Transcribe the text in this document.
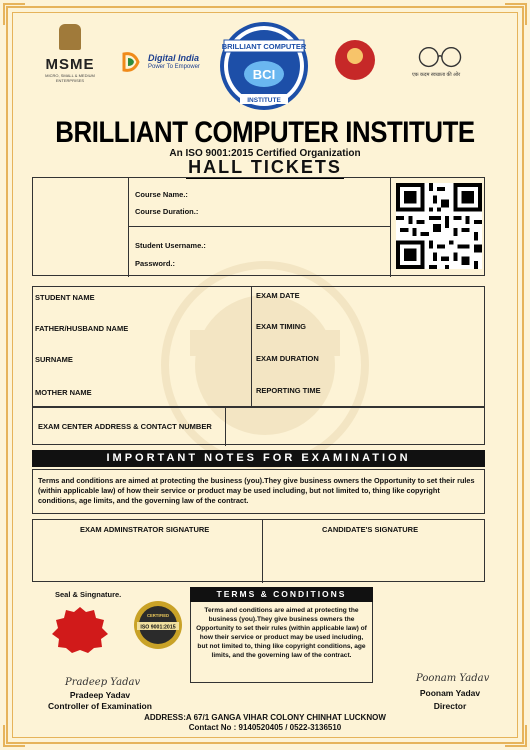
MSME
MICRO, SMALL & MEDIUM ENTERPRISES
Digital India
Power To Empower
BRILLIANT COMPUTER
BCI
INSTITUTE
एक कदम स्वच्छता की ओर
BRILLIANT COMPUTER INSTITUTE
An ISO 9001:2015 Certified Organization
HALL TICKETS
Course Name.:
Course Duration.:
Student Username.:
Password.:
STUDENT NAME
FATHER/HUSBAND NAME
SURNAME
MOTHER NAME
EXAM DATE
EXAM TIMING
EXAM DURATION
REPORTING TIME
EXAM CENTER ADDRESS & CONTACT NUMBER
IMPORTANT NOTES FOR EXAMINATION
Terms and conditions are aimed at protecting the business (you).They give business owners the Opportunity to set their rules (within applicable law) of how their service or product may be used including, but not limited to, thing like copyright conditions, age limits, and the governing law of the contract.
EXAM ADMINSTRATOR SIGNATURE	CANDIDATE'S SIGNATURE
Seal & Singnature.
CERTIFIED
ISO 9001:2015
TERMS & CONDITIONS
Terms and conditions are aimed at protecting the business (you).They give business owners the Opportunity to set their rules (within applicable law) of how their service or product may be used including, but not limited to, thing like copyright conditions, age limits, and the governing law of the contract.
Pradeep Yadav
Pradeep Yadav
Controller of Examination
Poonam Yadav
Poonam Yadav
Director
ADDRESS:A 67/1 GANGA VIHAR COLONY CHINHAT LUCKNOW
Contact No : 9140520405 / 0522-3136510
